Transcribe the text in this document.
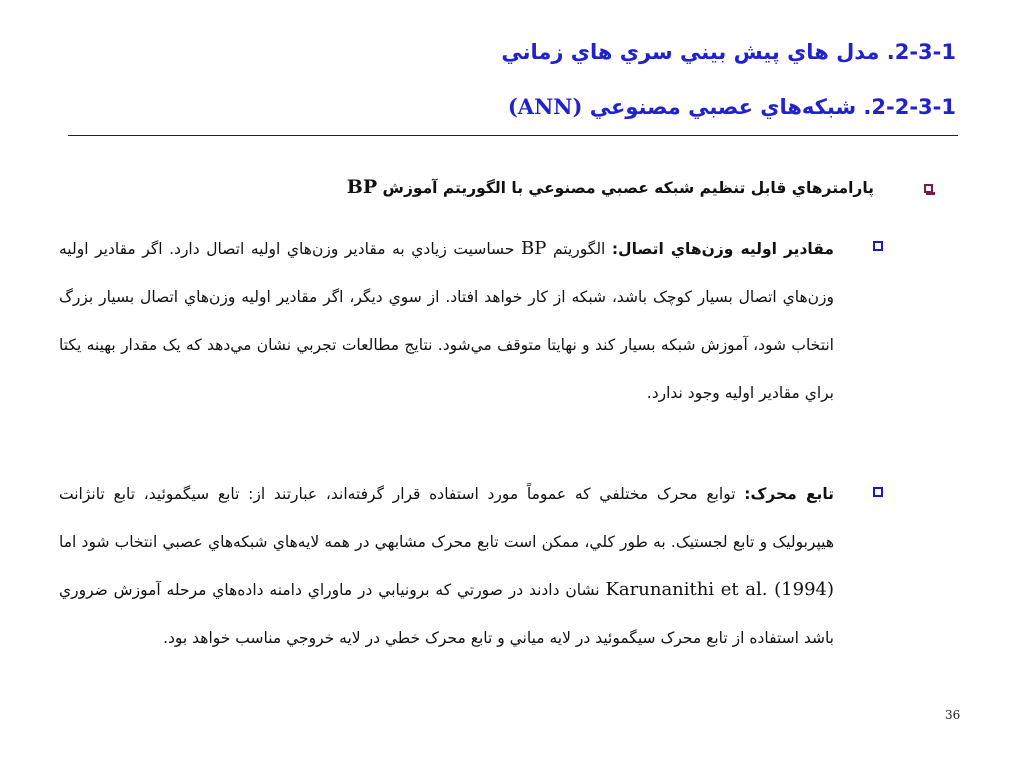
2-3-1. مدل هاي پيش بيني سري هاي زماني
2-2-3-1. شبکه‌هاي عصبي مصنوعي (ANN)
پارامترهاي قابل تنظيم شبکه عصبي مصنوعي با الگوريتم آموزش BP
مقادير اوليه وزن‌هاي اتصال: الگوريتم BP حساسيت زيادي به مقادير وزن‌هاي اوليه اتصال دارد. اگر مقادير اوليه وزن‌هاي اتصال بسيار کوچک باشد، شبکه از کار خواهد افتاد. از سوي ديگر، اگر مقادير اوليه وزن‌هاي اتصال بسيار بزرگ انتخاب شود، آموزش شبکه بسيار کند و نهايتا متوقف مي‌شود. نتايج مطالعات تجربي نشان مي‌دهد که يک مقدار بهينه يکتا براي مقادير اوليه وجود ندارد.
تابع محرک: توابع محرک مختلفي که عموماً مورد استفاده قرار گرفته‌اند، عبارتند از: تابع سيگموئيد، تابع تانژانت هيپربوليک و تابع لجستيک. به طور کلي، ممکن است تابع محرک مشابهي در همه لايه‌هاي شبکه‌هاي عصبي انتخاب شود اما Karunanithi et al. (1994) نشان دادند در صورتي که برونيابي در ماوراي دامنه داده‌هاي مرحله آموزش ضروري باشد استفاده از تابع محرک سيگموئيد در لايه مياني و تابع محرک خطي در لايه خروجي مناسب خواهد بود.
36
